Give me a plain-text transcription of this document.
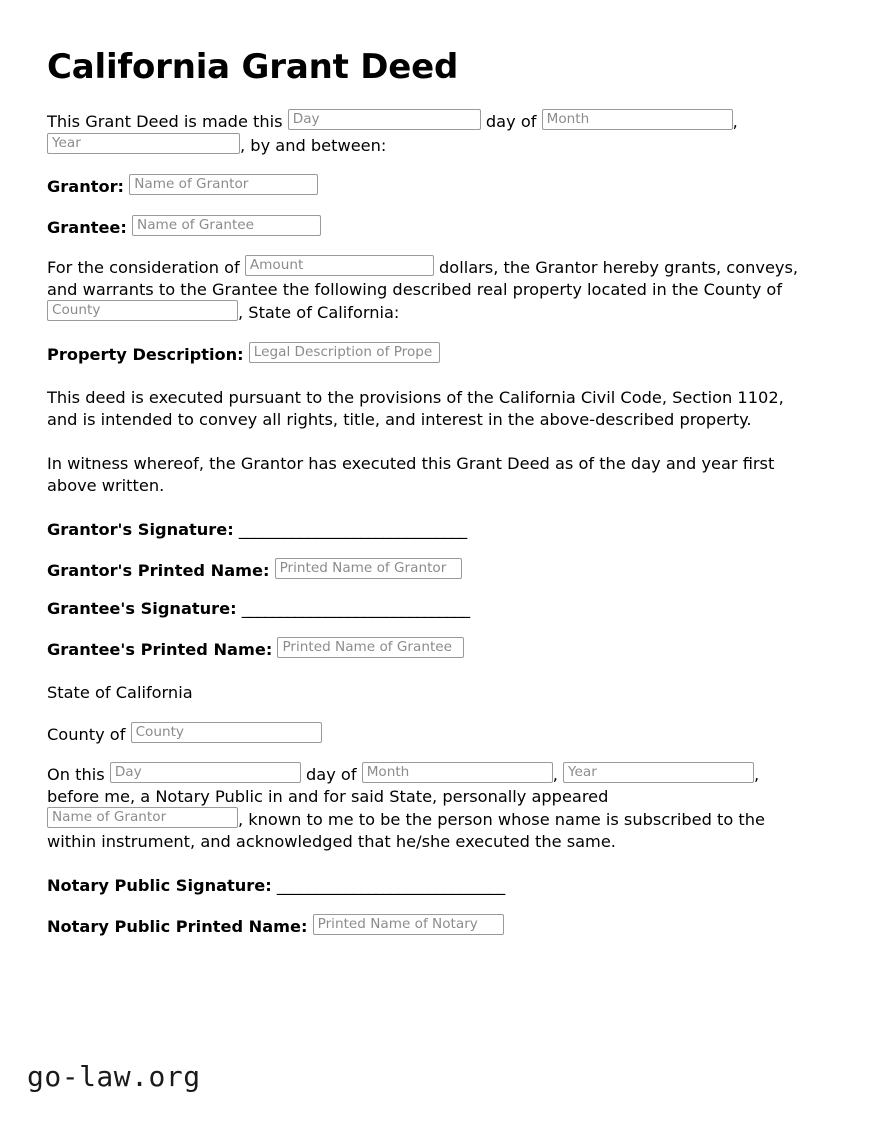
California Grant Deed

This Grant Deed is made this Day	day of Month	,
Year	, by and between:

Grantor: Name of Grantor
Grantee: Name of Grantee

For the consideration of Amount	dollars, the Grantor hereby grants, conveys, and warrants to the Grantee the following described real property located in the County of County	, State of California:

Property Description: Legal Description of Prope

This deed is executed pursuant to the provisions of the California Civil Code, Section 1102, and is intended to convey all rights, title, and interest in the above-described property.

In witness whereof, the Grantor has executed this Grant Deed as of the day and year first above written.

Grantor's Signature: ______________________________
Grantor's Printed Name: Printed Name of Grantor
Grantee's Signature: ______________________________
Grantee's Printed Name: Printed Name of Grantee

State of California

County of County

On this Day	day of Month	, Year	,
before me, a Notary Public in and for said State, personally appeared
Name of Grantor	, known to me to be the person whose name is subscribed to the within instrument, and acknowledged that he/she executed the same.

Notary Public Signature: ______________________________
Notary Public Printed Name: Printed Name of Notary
go-law.org
